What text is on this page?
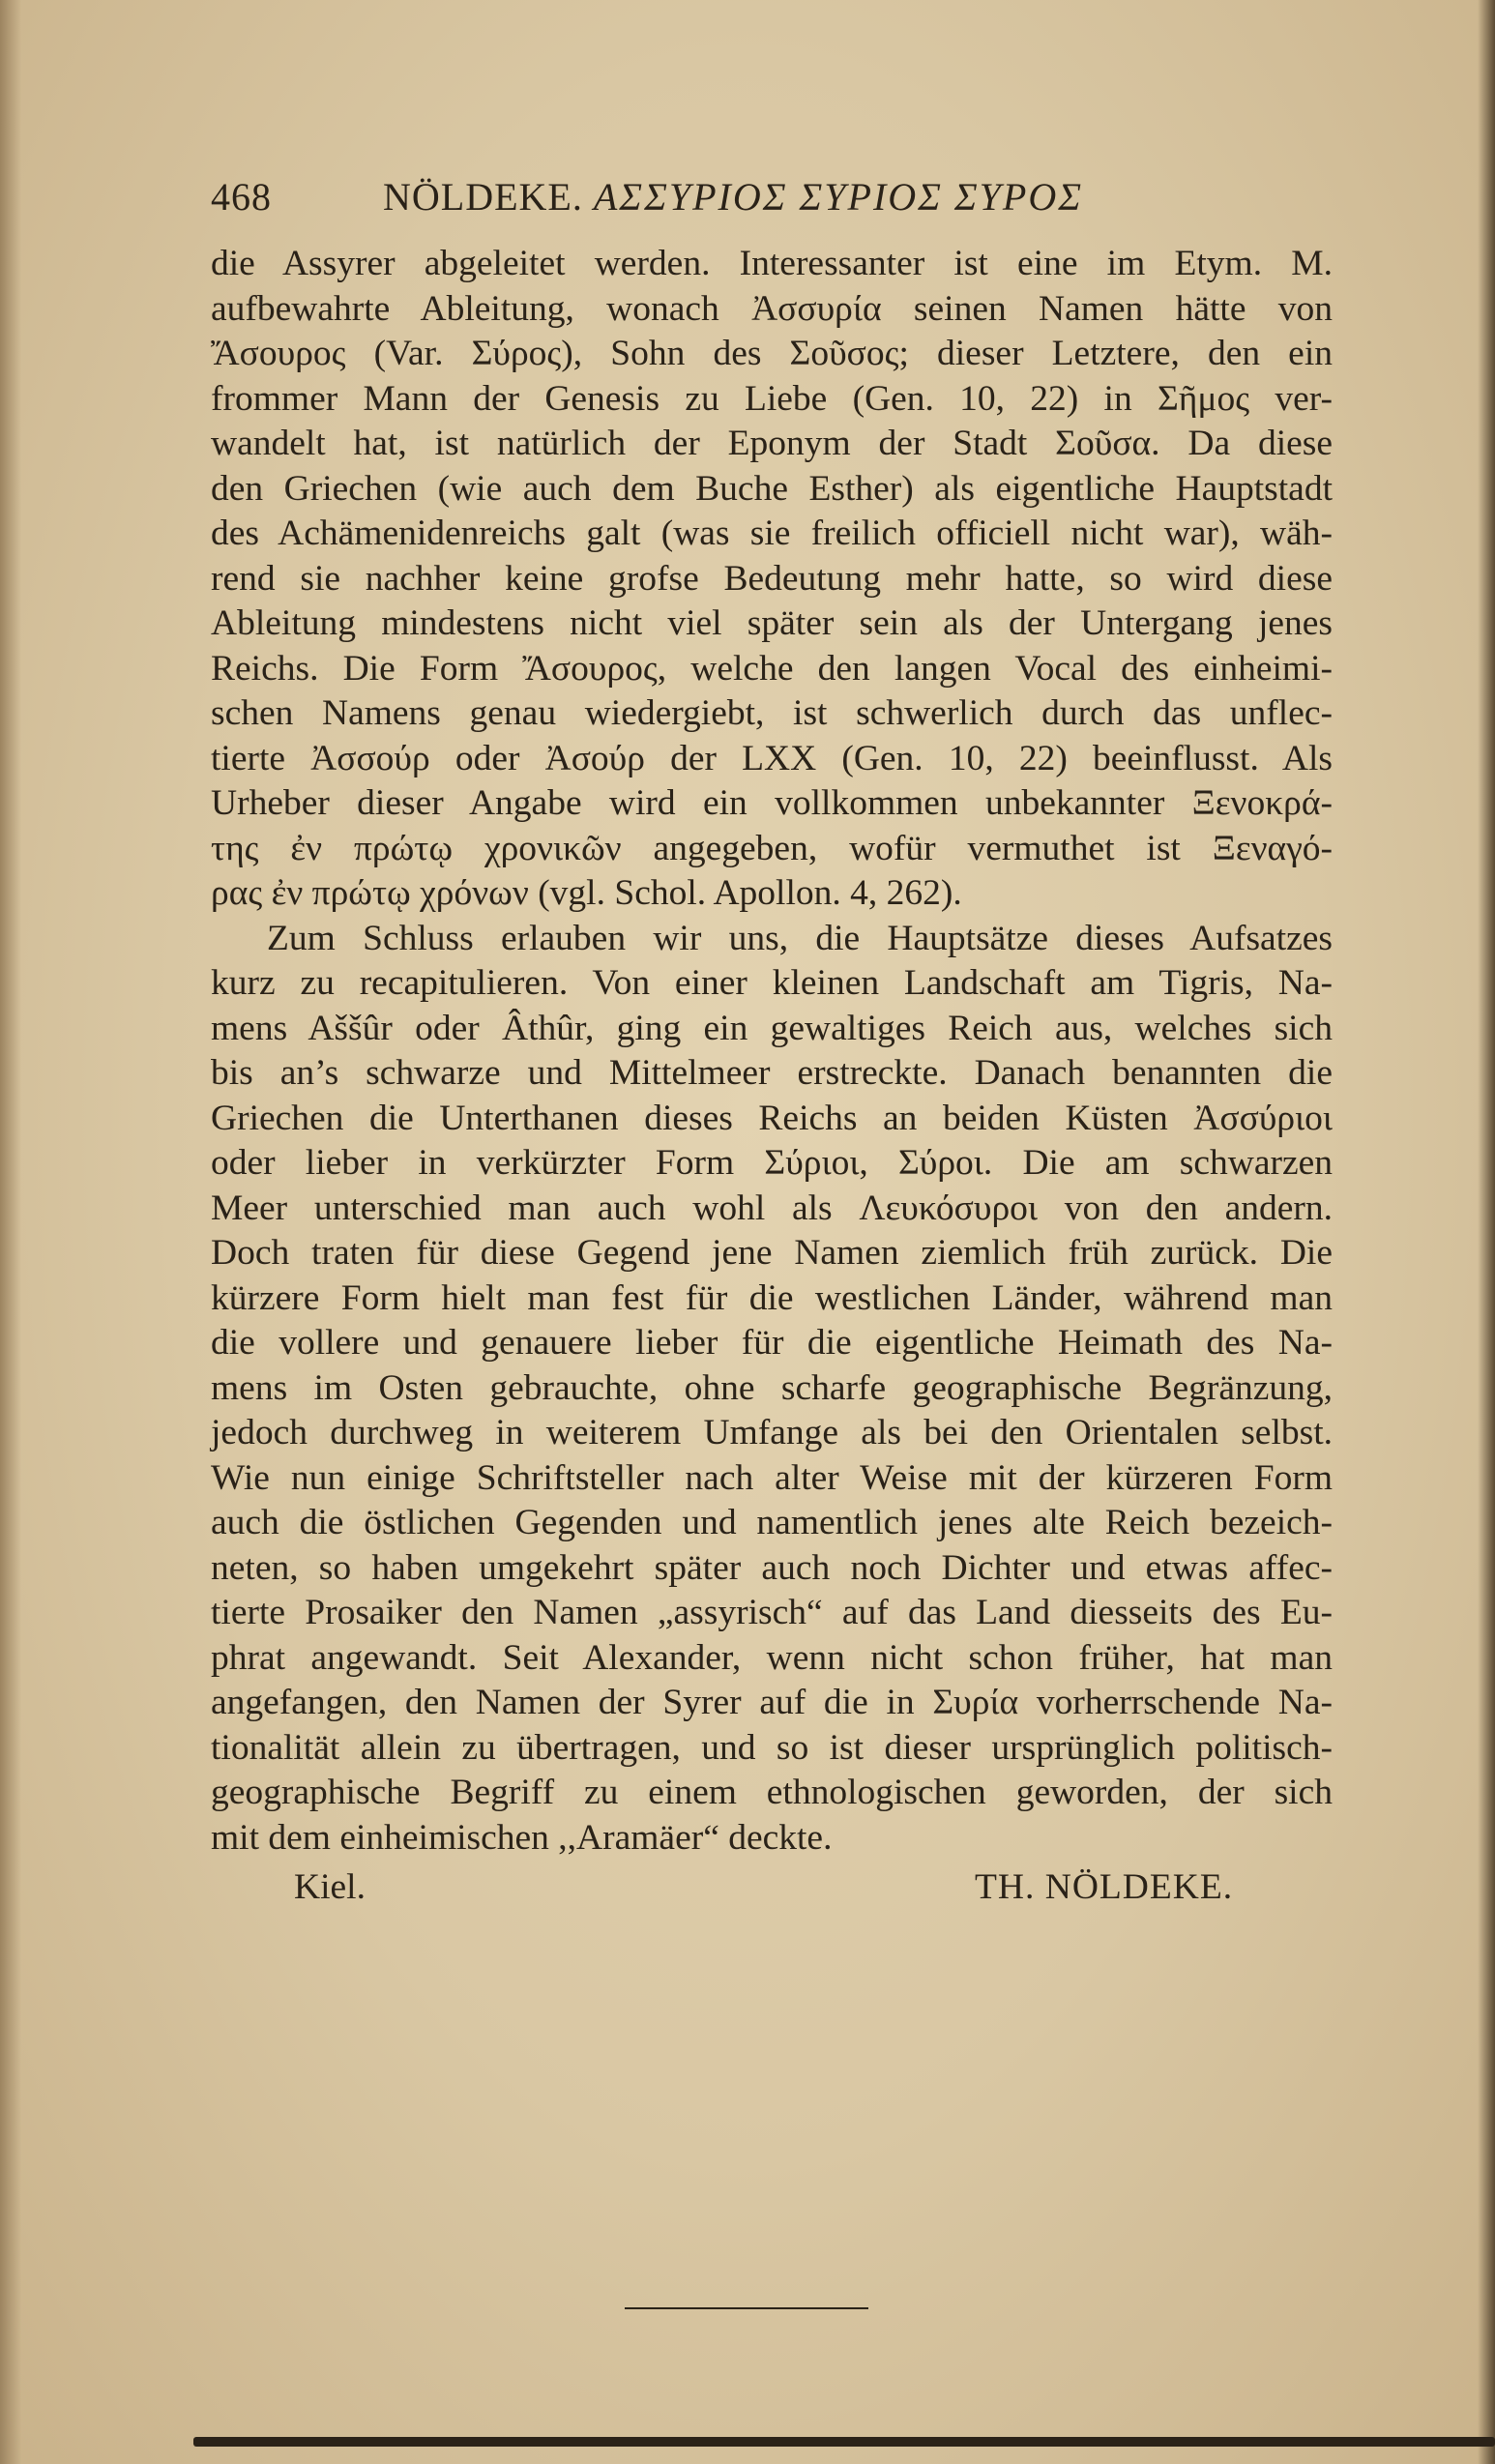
468	NÖLDEKE. ΑΣΣΥΡΙΟΣ ΣΥΡΙΟΣ ΣΥΡΟΣ
die Assyrer abgeleitet werden. Interessanter ist eine im Etym. M.
aufbewahrte Ableitung, wonach Ἀσσυρία seinen Namen hätte von
Ἄσουρος (Var. Σύρος), Sohn des Σοῦσος; dieser Letztere, den ein
frommer Mann der Genesis zu Liebe (Gen. 10, 22) in Σῆμος ver-
wandelt hat, ist natürlich der Eponym der Stadt Σοῦσα. Da diese
den Griechen (wie auch dem Buche Esther) als eigentliche Hauptstadt
des Achämenidenreichs galt (was sie freilich officiell nicht war), wäh-
rend sie nachher keine grofse Bedeutung mehr hatte, so wird diese
Ableitung mindestens nicht viel später sein als der Untergang jenes
Reichs. Die Form Ἄσουρος, welche den langen Vocal des einheimi-
schen Namens genau wiedergiebt, ist schwerlich durch das unflec-
tierte Ἀσσούρ oder Ἀσούρ der LXX (Gen. 10, 22) beeinflusst. Als
Urheber dieser Angabe wird ein vollkommen unbekannter Ξενοκρά-
της ἐν πρώτῳ χρονικῶν angegeben, wofür vermuthet ist Ξεναγό-
ρας ἐν πρώτῳ χρόνων (vgl. Schol. Apollon. 4, 262).
Zum Schluss erlauben wir uns, die Hauptsätze dieses Aufsatzes
kurz zu recapitulieren. Von einer kleinen Landschaft am Tigris, Na-
mens Aššûr oder Âthûr, ging ein gewaltiges Reich aus, welches sich
bis an’s schwarze und Mittelmeer erstreckte. Danach benannten die
Griechen die Unterthanen dieses Reichs an beiden Küsten Ἀσσύριοι
oder lieber in verkürzter Form Σύριοι, Σύροι. Die am schwarzen
Meer unterschied man auch wohl als Λευκόσυροι von den andern.
Doch traten für diese Gegend jene Namen ziemlich früh zurück. Die
kürzere Form hielt man fest für die westlichen Länder, während man
die vollere und genauere lieber für die eigentliche Heimath des Na-
mens im Osten gebrauchte, ohne scharfe geographische Begränzung,
jedoch durchweg in weiterem Umfange als bei den Orientalen selbst.
Wie nun einige Schriftsteller nach alter Weise mit der kürzeren Form
auch die östlichen Gegenden und namentlich jenes alte Reich bezeich-
neten, so haben umgekehrt später auch noch Dichter und etwas affec-
tierte Prosaiker den Namen „assyrisch“ auf das Land diesseits des Eu-
phrat angewandt. Seit Alexander, wenn nicht schon früher, hat man
angefangen, den Namen der Syrer auf die in Συρία vorherrschende Na-
tionalität allein zu übertragen, und so ist dieser ursprünglich politisch-
geographische Begriff zu einem ethnologischen geworden, der sich
mit dem einheimischen ,,Aramäer“ deckte.
Kiel.	TH. NÖLDEKE.
